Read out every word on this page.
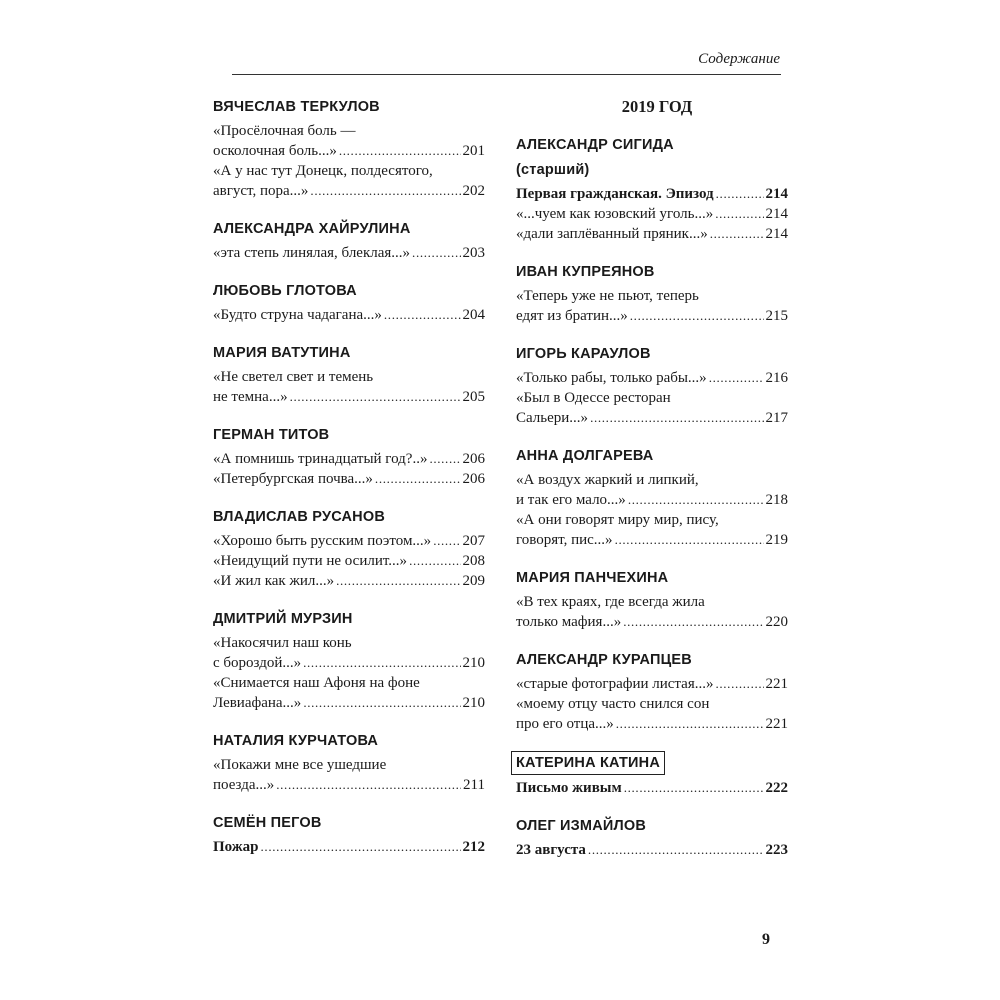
Содержание
ВЯЧЕСЛАВ ТЕРКУЛОВ
«Просёлочная боль —
осколочная боль...» . . .	201
«А у нас тут Донецк, полдесятого,
август, пора...» . . .	202
АЛЕКСАНДРА ХАЙРУЛИНА
«эта степь линялая, блеклая...» . . .	203
ЛЮБОВЬ ГЛОТОВА
«Будто струна чадагана...» . . .	204
МАРИЯ ВАТУТИНА
«Не светел свет и темень
не темна...» . . .	205
ГЕРМАН ТИТОВ
«А помнишь тринадцатый год?..» . . . 206
«Петербургская почва...» . . .	206
ВЛАДИСЛАВ РУСАНОВ
«Хорошо быть русским поэтом...» . . . 207
«Неидущий пути не осилит...» . . .	208
«И жил как жил...» . . .	209
ДМИТРИЙ МУРЗИН
«Накосячил наш конь
с бороздой...» . . .	210
«Снимается наш Афоня на фоне
Левиафана...» . . .	210
НАТАЛИЯ КУРЧАТОВА
«Покажи мне все ушедшие
поезда...» . . .	211
СЕМЁН ПЕГОВ
Пожар . . .	212
2019 ГОД
АЛЕКСАНДР СИГИДА
(старший)
Первая гражданская. Эпизод . . .	214
«...чуем как юзовский уголь...» . . .	214
«дали заплёванный пряник...» . . .	214
ИВАН КУПРЕЯНОВ
«Теперь уже не пьют, теперь
едят из братин...» . . .	215
ИГОРЬ КАРАУЛОВ
«Только рабы, только рабы...» . . .	216
«Был в Одессе ресторан
Сальери...» . . .	217
АННА ДОЛГАРЕВА
«А воздух жаркий и липкий,
и так его мало...» . . .	218
«А они говорят миру мир, пису,
говорят, пис...» . . .	219
МАРИЯ ПАНЧЕХИНА
«В тех краях, где всегда жила
только мафия...» . . .	220
АЛЕКСАНДР КУРАПЦЕВ
«старые фотографии листая...» . . .	221
«моему отцу часто снился сон
про его отца...» . . .	221
КАТЕРИНА КАТИНА
Письмо живым . . .	222
ОЛЕГ ИЗМАЙЛОВ
23 августа . . .	223
9
